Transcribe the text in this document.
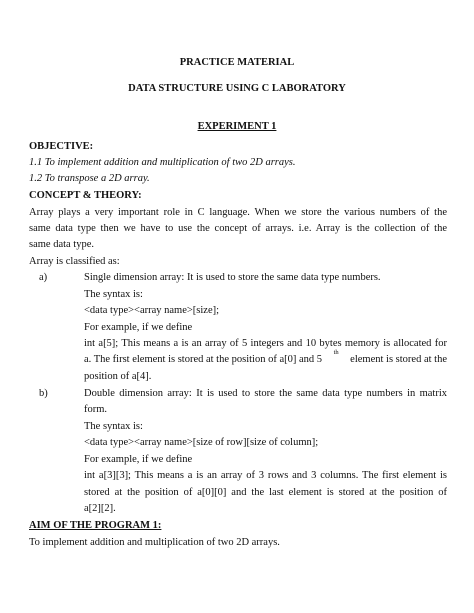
PRACTICE MATERIAL
DATA STRUCTURE USING C LABORATORY
EXPERIMENT 1
OBJECTIVE:
1.1 To implement addition and multiplication of two 2D arrays.
1.2 To transpose a 2D array.
CONCEPT & THEORY:
Array plays a very important role in C language. When we store the various numbers of the
same data type then we have to use the concept of arrays. i.e. Array is the collection of the
same data type.
Array is classified as:
a)	Single dimension array: It is used to store the same data type numbers.
The syntax is:
<data type><array name>[size];
For example, if we define
int a[5]; This means a is an array of 5 integers and 10 bytes memory is allocated for
a. The first element is stored at the position of a[0] and 5
th
element is stored at the
position of a[4].
b)	Double dimension array: It is used to store the same data type numbers in matrix
form.
The syntax is:
<data type><array name>[size of row][size of column];
For example, if we define
int a[3][3]; This means a is an array of 3 rows and 3 columns. The first element is
stored at the position of a[0][0] and the last element is stored at the position of
a[2][2].
AIM OF THE PROGRAM 1:
To implement addition and multiplication of two 2D arrays.
